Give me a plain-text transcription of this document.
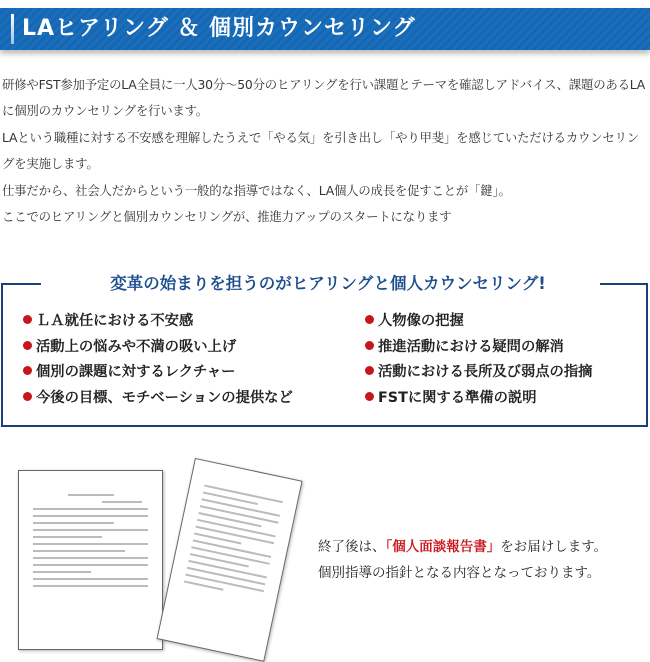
LAヒアリング ＆ 個別カウンセリング

研修やFST参加予定のLA全員に一人30分～50分のヒアリングを行い課題とテーマを確認しアドバイス、課題のあるLAに個別のカウンセリングを行います。

LAという職種に対する不安感を理解したうえで「やる気」を引き出し「やり甲斐」を感じていただけるカウンセリングを実施します。

仕事だから、社会人だからという一般的な指導ではなく、LA個人の成長を促すことが「鍵」。

ここでのヒアリングと個別カウンセリングが、推進力アップのスタートになります

変革の始まりを担うのがヒアリングと個人カウンセリング!
ＬＡ就任における不安感
活動上の悩みや不満の吸い上げ
個別の課題に対するレクチャー
今後の目標、モチベーションの提供など
人物像の把握
推進活動における疑問の解消
活動における長所及び弱点の指摘
FSTに関する準備の説明
終了後は、「個人面談報告書」をお届けします。
個別指導の指針となる内容となっております。
